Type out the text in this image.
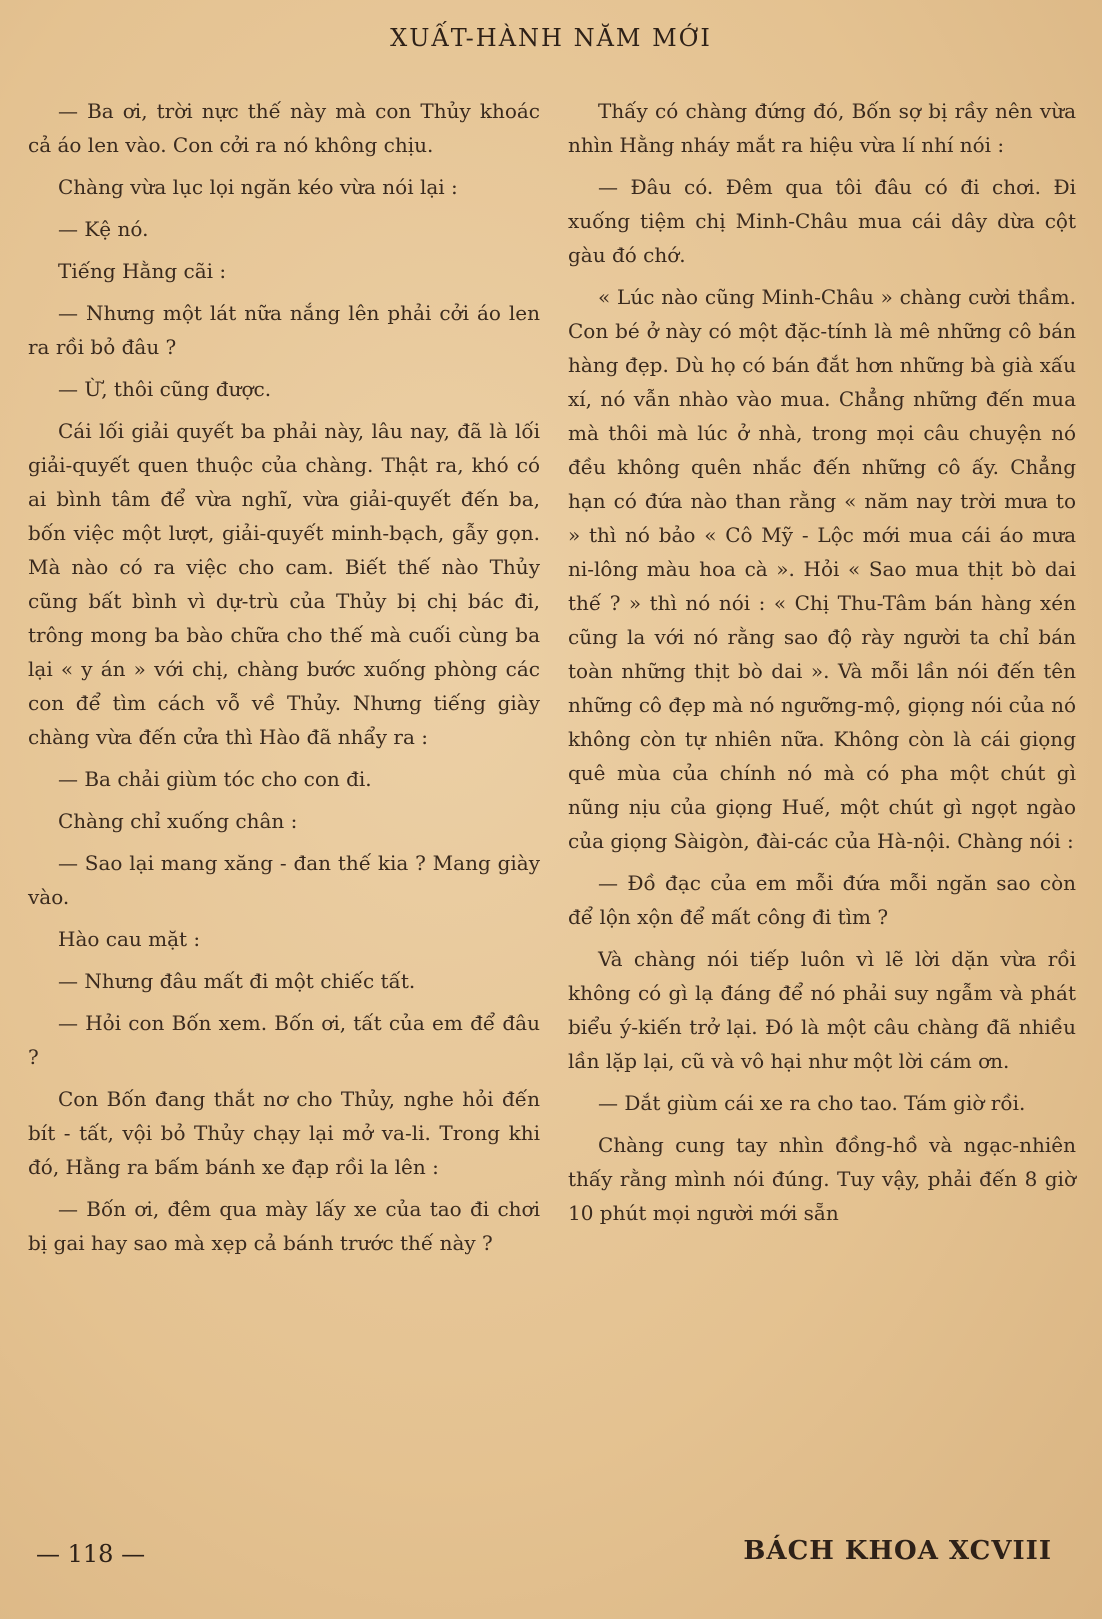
XUẤT-HÀNH NĂM MỚI

— Ba ơi, trời nực thế này mà con Thủy khoác cả áo len vào. Con cởi ra nó không chịu.

Chàng vừa lục lọi ngăn kéo vừa nói lại :

— Kệ nó.

Tiếng Hằng cãi :

— Nhưng một lát nữa nắng lên phải cởi áo len ra rồi bỏ đâu ?

— Ừ, thôi cũng được.

Cái lối giải quyết ba phải này, lâu nay, đã là lối giải-quyết quen thuộc của chàng. Thật ra, khó có ai bình tâm để vừa nghĩ, vừa giải-quyết đến ba, bốn việc một lượt, giải-quyết minh-bạch, gẫy gọn. Mà nào có ra việc cho cam. Biết thế nào Thủy cũng bất bình vì dự-trù của Thủy bị chị bác đi, trông mong ba bào chữa cho thế mà cuối cùng ba lại « y án » với chị, chàng bước xuống phòng các con để tìm cách vỗ về Thủy. Nhưng tiếng giày chàng vừa đến cửa thì Hào đã nhẩy ra :

— Ba chải giùm tóc cho con đi.

Chàng chỉ xuống chân :

— Sao lại mang xăng - đan thế kia ? Mang giày vào.

Hào cau mặt :

— Nhưng đâu mất đi một chiếc tất.

— Hỏi con Bốn xem. Bốn ơi, tất của em để đâu ?

Con Bốn đang thắt nơ cho Thủy, nghe hỏi đến bít - tất, vội bỏ Thủy chạy lại mở va-li. Trong khi đó, Hằng ra bấm bánh xe đạp rồi la lên :

— Bốn ơi, đêm qua mày lấy xe của tao đi chơi bị gai hay sao mà xẹp cả bánh trước thế này ?

Thấy có chàng đứng đó, Bốn sợ bị rầy nên vừa nhìn Hằng nháy mắt ra hiệu vừa lí nhí nói :

— Đâu có. Đêm qua tôi đâu có đi chơi. Đi xuống tiệm chị Minh-Châu mua cái dây dừa cột gàu đó chớ.

« Lúc nào cũng Minh-Châu » chàng cười thầm. Con bé ở này có một đặc-tính là mê những cô bán hàng đẹp. Dù họ có bán đắt hơn những bà già xấu xí, nó vẫn nhào vào mua. Chẳng những đến mua mà thôi mà lúc ở nhà, trong mọi câu chuyện nó đều không quên nhắc đến những cô ấy. Chẳng hạn có đứa nào than rằng « năm nay trời mưa to » thì nó bảo « Cô Mỹ - Lộc mới mua cái áo mưa ni-lông màu hoa cà ». Hỏi « Sao mua thịt bò dai thế ? » thì nó nói : « Chị Thu-Tâm bán hàng xén cũng la với nó rằng sao độ rày người ta chỉ bán toàn những thịt bò dai ». Và mỗi lần nói đến tên những cô đẹp mà nó ngưỡng-mộ, giọng nói của nó không còn tự nhiên nữa. Không còn là cái giọng quê mùa của chính nó mà có pha một chút gì nũng nịu của giọng Huế, một chút gì ngọt ngào của giọng Sàigòn, đài-các của Hà-nội. Chàng nói :

— Đồ đạc của em mỗi đứa mỗi ngăn sao còn để lộn xộn để mất công đi tìm ?

Và chàng nói tiếp luôn vì lẽ lời dặn vừa rồi không có gì lạ đáng để nó phải suy ngẫm và phát biểu ý-kiến trở lại. Đó là một câu chàng đã nhiều lần lặp lại, cũ và vô hại như một lời cám ơn.

— Dắt giùm cái xe ra cho tao. Tám giờ rồi.

Chàng cung tay nhìn đồng-hồ và ngạc-nhiên thấy rằng mình nói đúng. Tuy vậy, phải đến 8 giờ 10 phút mọi người mới sẵn

— 118 —	BÁCH KHOA XCVIII
